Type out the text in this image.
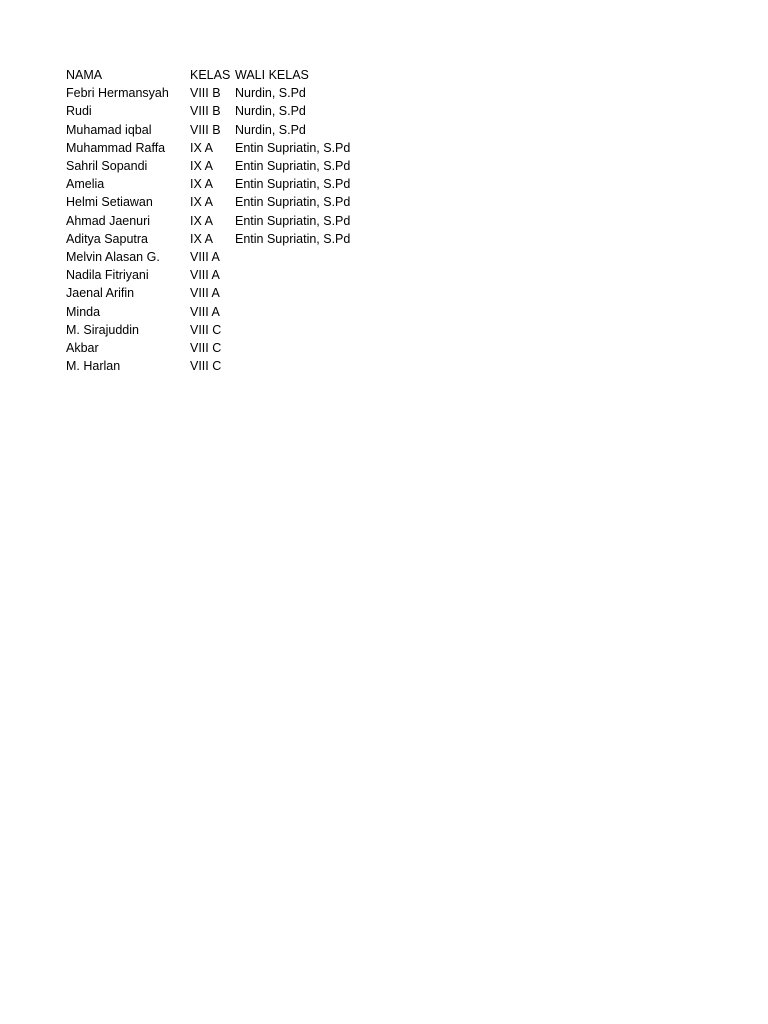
NAMA	KELAS	WALI KELAS
Febri Hermansyah	VIII B	Nurdin, S.Pd
Rudi	VIII B	Nurdin, S.Pd
Muhamad iqbal	VIII B	Nurdin, S.Pd
Muhammad Raffa	IX A	Entin Supriatin, S.Pd
Sahril Sopandi	IX A	Entin Supriatin, S.Pd
Amelia	IX A	Entin Supriatin, S.Pd
Helmi Setiawan	IX A	Entin Supriatin, S.Pd
Ahmad Jaenuri	IX A	Entin Supriatin, S.Pd
Aditya Saputra	IX A	Entin Supriatin, S.Pd
Melvin Alasan G.	VIII A	
Nadila Fitriyani	VIII A	
Jaenal Arifin	VIII A	
Minda	VIII A	
M. Sirajuddin	VIII C	
Akbar	VIII C	
M. Harlan	VIII C	
